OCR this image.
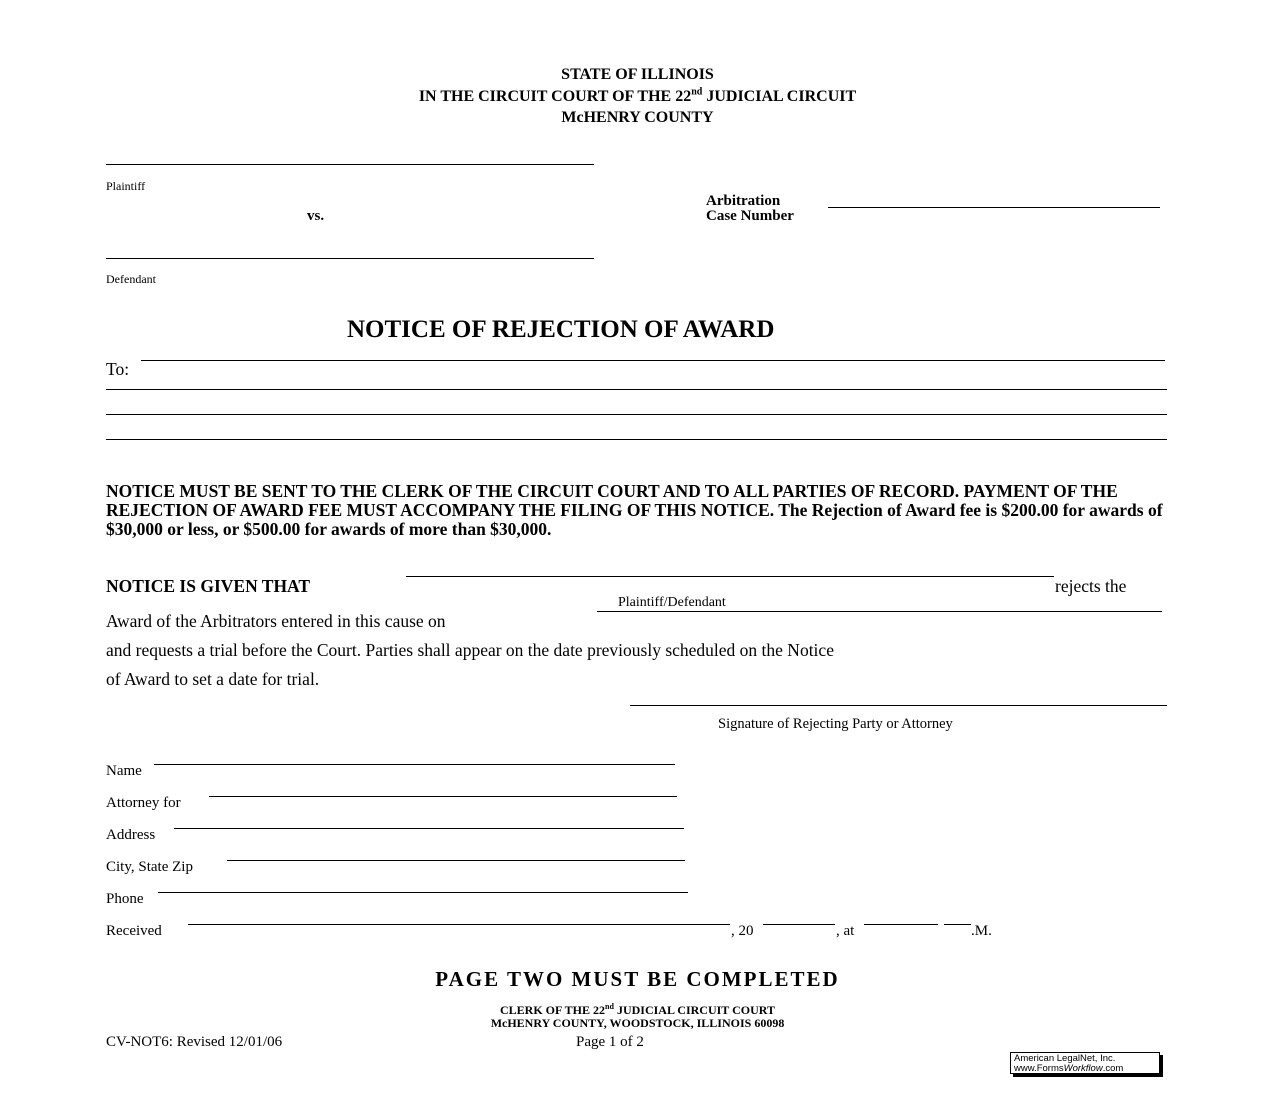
STATE OF ILLINOIS
IN THE CIRCUIT COURT OF THE 22nd JUDICIAL CIRCUIT
McHENRY COUNTY
Plaintiff
vs.
Defendant
Arbitration
Case Number
NOTICE OF REJECTION OF AWARD
To:
NOTICE MUST BE SENT TO THE CLERK OF THE CIRCUIT COURT AND TO ALL PARTIES OF RECORD. PAYMENT OF THE REJECTION OF AWARD FEE MUST ACCOMPANY THE FILING OF THIS NOTICE. The Rejection of Award fee is $200.00 for awards of $30,000 or less, or $500.00 for awards of more than $30,000.
NOTICE IS GIVEN THAT	rejects the
Plaintiff/Defendant
Award of the Arbitrators entered in this cause on
and requests a trial before the Court. Parties shall appear on the date previously scheduled on the Notice
of Award to set a date for trial.
Signature of Rejecting Party or Attorney
Name
Attorney for
Address
City, State Zip
Phone
Received	, 20	, at	.M.
PAGE TWO MUST BE COMPLETED
CLERK OF THE 22nd JUDICIAL CIRCUIT COURT
McHENRY COUNTY, WOODSTOCK, ILLINOIS 60098
CV-NOT6: Revised 12/01/06	Page 1 of 2
American LegalNet, Inc.
www.FormsWorkflow.com
